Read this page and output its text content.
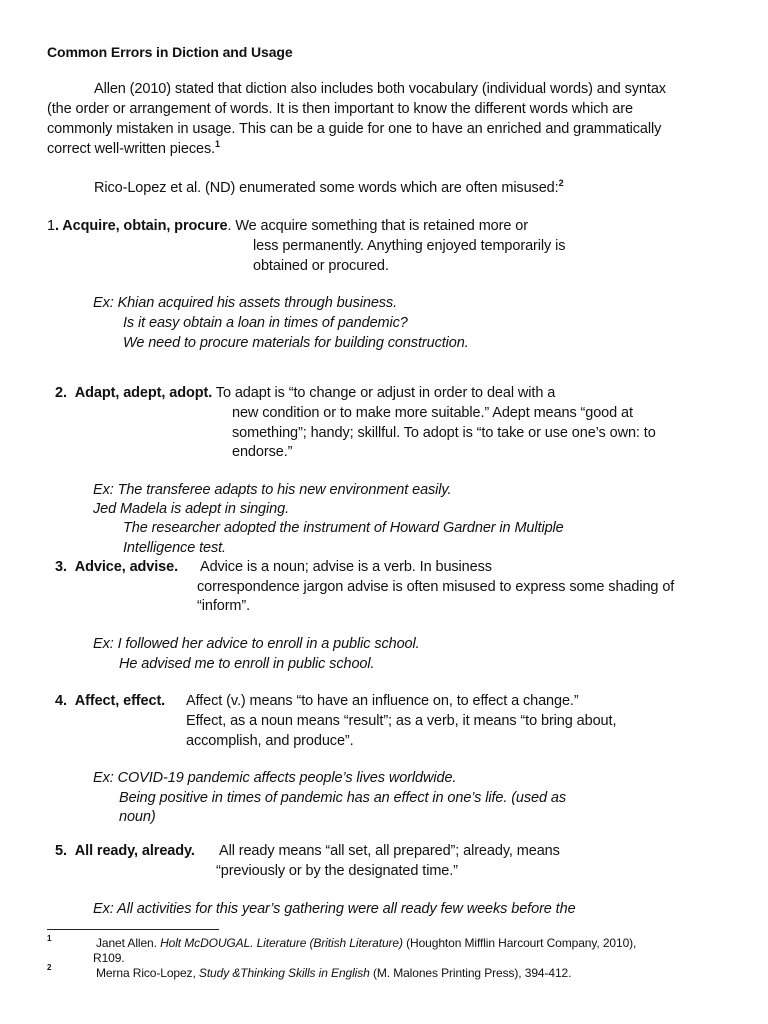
Common Errors in Diction and Usage
Allen (2010) stated that diction also includes both vocabulary (individual words) and syntax
(the order or arrangement of words. It is then important to know the different words which are
commonly mistaken in usage. This can be a guide for one to have an enriched and grammatically
correct well-written pieces.$^1$
Rico-Lopez et al. (ND) enumerated some words which are often misused:$^2$
1. Acquire, obtain, procure. We acquire something that is retained more or
less permanently. Anything enjoyed temporarily is
obtained or procured.
Ex: Khian acquired his assets through business.
Is it easy obtain a loan in times of pandemic?
We need to procure materials for building construction.
2. Adapt, adept, adopt. To adapt is “to change or adjust in order to deal with a
new condition or to make more suitable.” Adept means “good at
something”; handy; skillful. To adopt is “to take or use one’s own: to
endorse.”
Ex: The transferee adapts to his new environment easily.
Jed Madela is adept in singing.
The researcher adopted the instrument of Howard Gardner in Multiple
Intelligence test.
3. Advice, advise. Advice is a noun; advise is a verb. In business
correspondence jargon advise is often misused to express some shading of
“inform”.
Ex: I followed her advice to enroll in a public school.
He advised me to enroll in public school.
4. Affect, effect. Affect (v.) means “to have an influence on, to effect a change.”
Effect, as a noun means “result”; as a verb, it means “to bring about,
accomplish, and produce”.
Ex: COVID-19 pandemic affects people’s lives worldwide.
Being positive in times of pandemic has an effect in one’s life. (used as
noun)
5. All ready, already. All ready means “all set, all prepared”; already, means
“previously or by the designated time.”
Ex: All activities for this year’s gathering were all ready few weeks before the
1	Janet Allen. Holt McDOUGAL. Literature (British Literature) (Houghton Mifflin Harcourt Company, 2010),
R109.
2	Merna Rico-Lopez, Study &Thinking Skills in English (M. Malones Printing Press), 394-412.
